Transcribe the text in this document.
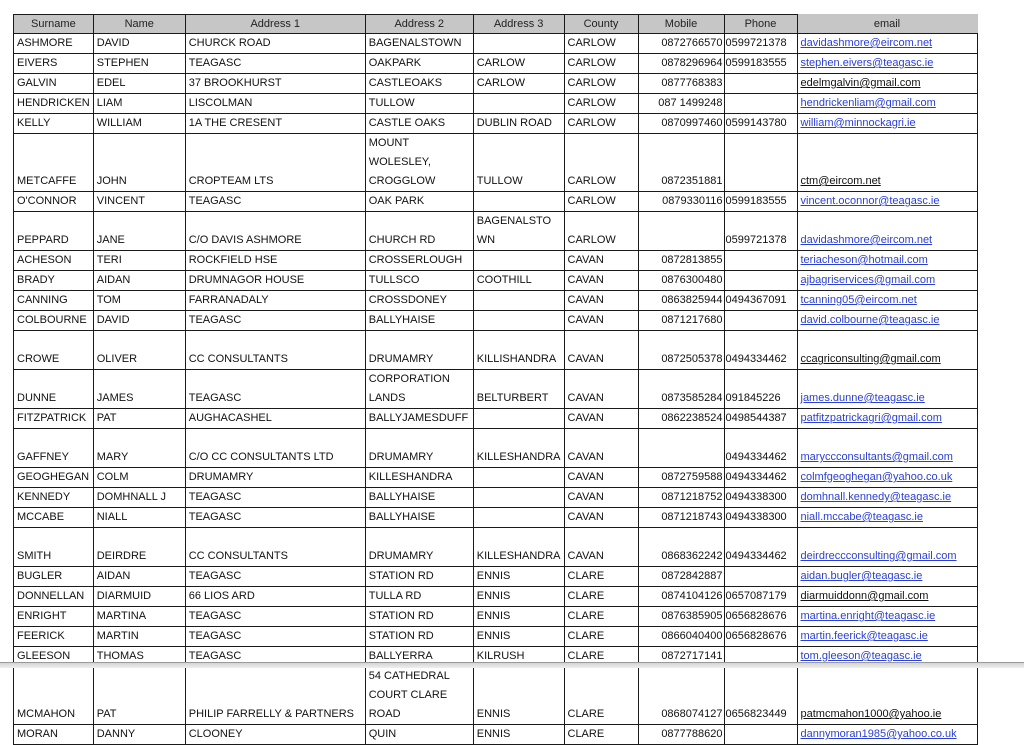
Surname	Name	Address 1	Address 2	Address 3	County	Mobile	Phone	email
ASHMORE	DAVID	CHURCK ROAD	BAGENALSTOWN		CARLOW	0872766570	0599721378	davidashmore@eircom.net
EIVERS	STEPHEN	TEAGASC	OAKPARK	CARLOW	CARLOW	0878296964	0599183555	stephen.eivers@teagasc.ie
GALVIN	EDEL	37 BROOKHURST	CASTLEOAKS	CARLOW	CARLOW	0877768383		edelmgalvin@gmail.com
HENDRICKEN	LIAM	LISCOLMAN	TULLOW		CARLOW	087 1499248		hendrickenliam@gmail.com
KELLY	WILLIAM	1A THE CRESENT	CASTLE OAKS	DUBLIN ROAD	CARLOW	0870997460	0599143780	william@minnockagri.ie
METCAFFE	JOHN	CROPTEAM LTS	MOUNT WOLESLEY, CROGGLOW	TULLOW	CARLOW	0872351881		ctm@eircom.net
O'CONNOR	VINCENT	TEAGASC	OAK PARK		CARLOW	0879330116	0599183555	vincent.oconnor@teagasc.ie
PEPPARD	JANE	C/O DAVIS ASHMORE	CHURCH RD	BAGENALSTO WN	CARLOW		0599721378	davidashmore@eircom.net
ACHESON	TERI	ROCKFIELD HSE	CROSSERLOUGH		CAVAN	0872813855		teriacheson@hotmail.com
BRADY	AIDAN	DRUMNAGOR HOUSE	TULLSCO	COOTHILL	CAVAN	0876300480		ajbagriservices@gmail.com
CANNING	TOM	FARRANADALY	CROSSDONEY		CAVAN	0863825944	0494367091	tcanning05@eircom.net
COLBOURNE	DAVID	TEAGASC	BALLYHAISE		CAVAN	0871217680		david.colbourne@teagasc.ie
CROWE	OLIVER	CC CONSULTANTS	DRUMAMRY	KILLISHANDRA	CAVAN	0872505378	0494334462	ccagriconsulting@gmail.com
DUNNE	JAMES	TEAGASC	CORPORATION LANDS	BELTURBERT	CAVAN	0873585284	091845226	james.dunne@teagasc.ie
FITZPATRICK	PAT	AUGHACASHEL	BALLYJAMESDUFF		CAVAN	0862238524	0498544387	patfitzpatrickagri@gmail.com
GAFFNEY	MARY	C/O CC CONSULTANTS LTD	DRUMAMRY	KILLESHANDRA	CAVAN		0494334462	maryccconsultants@gmail.com
GEOGHEGAN	COLM	DRUMAMRY	KILLESHANDRA		CAVAN	0872759588	0494334462	colmfgeoghegan@yahoo.co.uk
KENNEDY	DOMHNALL J	TEAGASC	BALLYHAISE		CAVAN	0871218752	0494338300	domhnall.kennedy@teagasc.ie
MCCABE	NIALL	TEAGASC	BALLYHAISE		CAVAN	0871218743	0494338300	niall.mccabe@teagasc.ie
SMITH	DEIRDRE	CC CONSULTANTS	DRUMAMRY	KILLESHANDRA	CAVAN	0868362242	0494334462	deirdreccconsulting@gmail.com
BUGLER	AIDAN	TEAGASC	STATION RD	ENNIS	CLARE	0872842887		aidan.bugler@teagasc.ie
DONNELLAN	DIARMUID	66 LIOS ARD	TULLA RD	ENNIS	CLARE	0874104126	0657087179	diarmuiddonn@gmail.com
ENRIGHT	MARTINA	TEAGASC	STATION RD	ENNIS	CLARE	0876385905	0656828676	martina.enright@teagasc.ie
FEERICK	MARTIN	TEAGASC	STATION RD	ENNIS	CLARE	0866040400	0656828676	martin.feerick@teagasc.ie
GLEESON	THOMAS	TEAGASC	BALLYERRA	KILRUSH	CLARE	0872717141		tom.gleeson@teagasc.ie
MCMAHON	PAT	PHILIP FARRELLY & PARTNERS	54 CATHEDRAL COURT CLARE ROAD	ENNIS	CLARE	0868074127	0656823449	patmcmahon1000@yahoo.ie
MORAN	DANNY	CLOONEY	QUIN	ENNIS	CLARE	0877788620		dannymoran1985@yahoo.co.uk
